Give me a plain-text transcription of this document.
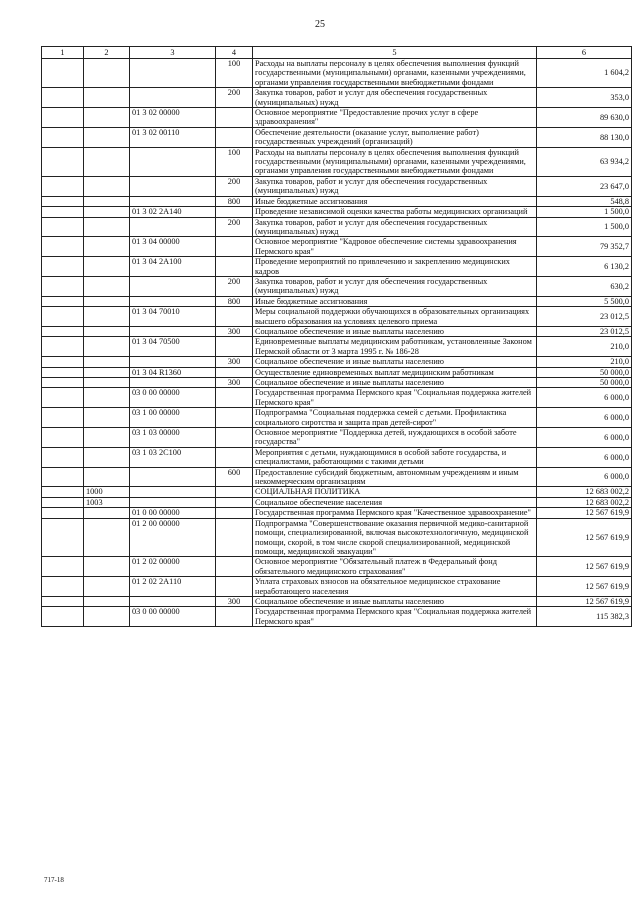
25
1	2	3	4	5	6
			100	Расходы на выплаты персоналу в целях обеспечения выполнения функций государственными (муниципальными) органами, казенными учреждениями, органами управления государственными внебюджетными фондами	1 604,2
			200	Закупка товаров, работ и услуг для обеспечения государственных (муниципальных) нужд	353,0
		01 3 02 00000		Основное мероприятие "Предоставление прочих услуг в сфере здравоохранения"	89 630,0
		01 3 02 00110		Обеспечение деятельности (оказание услуг, выполнение работ) государственных учреждений (организаций)	88 130,0
			100	Расходы на выплаты персоналу в целях обеспечения выполнения функций государственными (муниципальными) органами, казенными учреждениями, органами управления государственными внебюджетными фондами	63 934,2
			200	Закупка товаров, работ и услуг для обеспечения государственных (муниципальных) нужд	23 647,0
			800	Иные бюджетные ассигнования	548,8
		01 3 02 2А140		Проведение независимой оценки качества работы медицинских организаций	1 500,0
			200	Закупка товаров, работ и услуг для обеспечения государственных (муниципальных) нужд	1 500,0
		01 3 04 00000		Основное мероприятие "Кадровое обеспечение системы здравоохранения Пермского края"	79 352,7
		01 3 04 2А100		Проведение мероприятий по привлечению и закреплению медицинских кадров	6 130,2
			200	Закупка товаров, работ и услуг для обеспечения государственных (муниципальных) нужд	630,2
			800	Иные бюджетные ассигнования	5 500,0
		01 3 04 70010		Меры социальной поддержки обучающихся в образовательных организациях высшего образования на условиях целевого приема	23 012,5
			300	Социальное обеспечение и иные выплаты населению	23 012,5
		01 3 04 70500		Единовременные выплаты медицинским работникам, установленные Законом Пермской области от 3 марта 1995 г. № 186-28	210,0
			300	Социальное обеспечение и иные выплаты населению	210,0
		01 3 04 R1360		Осуществление единовременных выплат медицинским работникам	50 000,0
			300	Социальное обеспечение и иные выплаты населению	50 000,0
		03 0 00 00000		Государственная программа Пермского края "Социальная поддержка жителей Пермского края"	6 000,0
		03 1 00 00000		Подпрограмма "Социальная поддержка семей с детьми. Профилактика социального сиротства и защита прав детей-сирот"	6 000,0
		03 1 03 00000		Основное мероприятие "Поддержка детей, нуждающихся в особой заботе государства"	6 000,0
		03 1 03 2С100		Мероприятия с детьми, нуждающимися в особой заботе государства, и специалистами, работающими с такими детьми	6 000,0
			600	Предоставление субсидий бюджетным, автономным учреждениям и иным некоммерческим организациям	6 000,0
	1000			СОЦИАЛЬНАЯ ПОЛИТИКА	12 683 002,2
	1003			Социальное обеспечение населения	12 683 002,2
		01 0 00 00000		Государственная программа Пермского края "Качественное здравоохранение"	12 567 619,9
		01 2 00 00000		Подпрограмма "Совершенствование оказания первичной медико-санитарной помощи, специализированной, включая высокотехнологичную, медицинской помощи, скорой, в том числе скорой специализированной, медицинской помощи, медицинской эвакуации"	12 567 619,9
		01 2 02 00000		Основное мероприятие "Обязательный платеж в Федеральный фонд обязательного медицинского страхования"	12 567 619,9
		01 2 02 2А110		Уплата страховых взносов на обязательное медицинское страхование неработающего населения	12 567 619,9
			300	Социальное обеспечение и иные выплаты населению	12 567 619,9
		03 0 00 00000		Государственная программа Пермского края "Социальная поддержка жителей Пермского края"	115 382,3
717-18
